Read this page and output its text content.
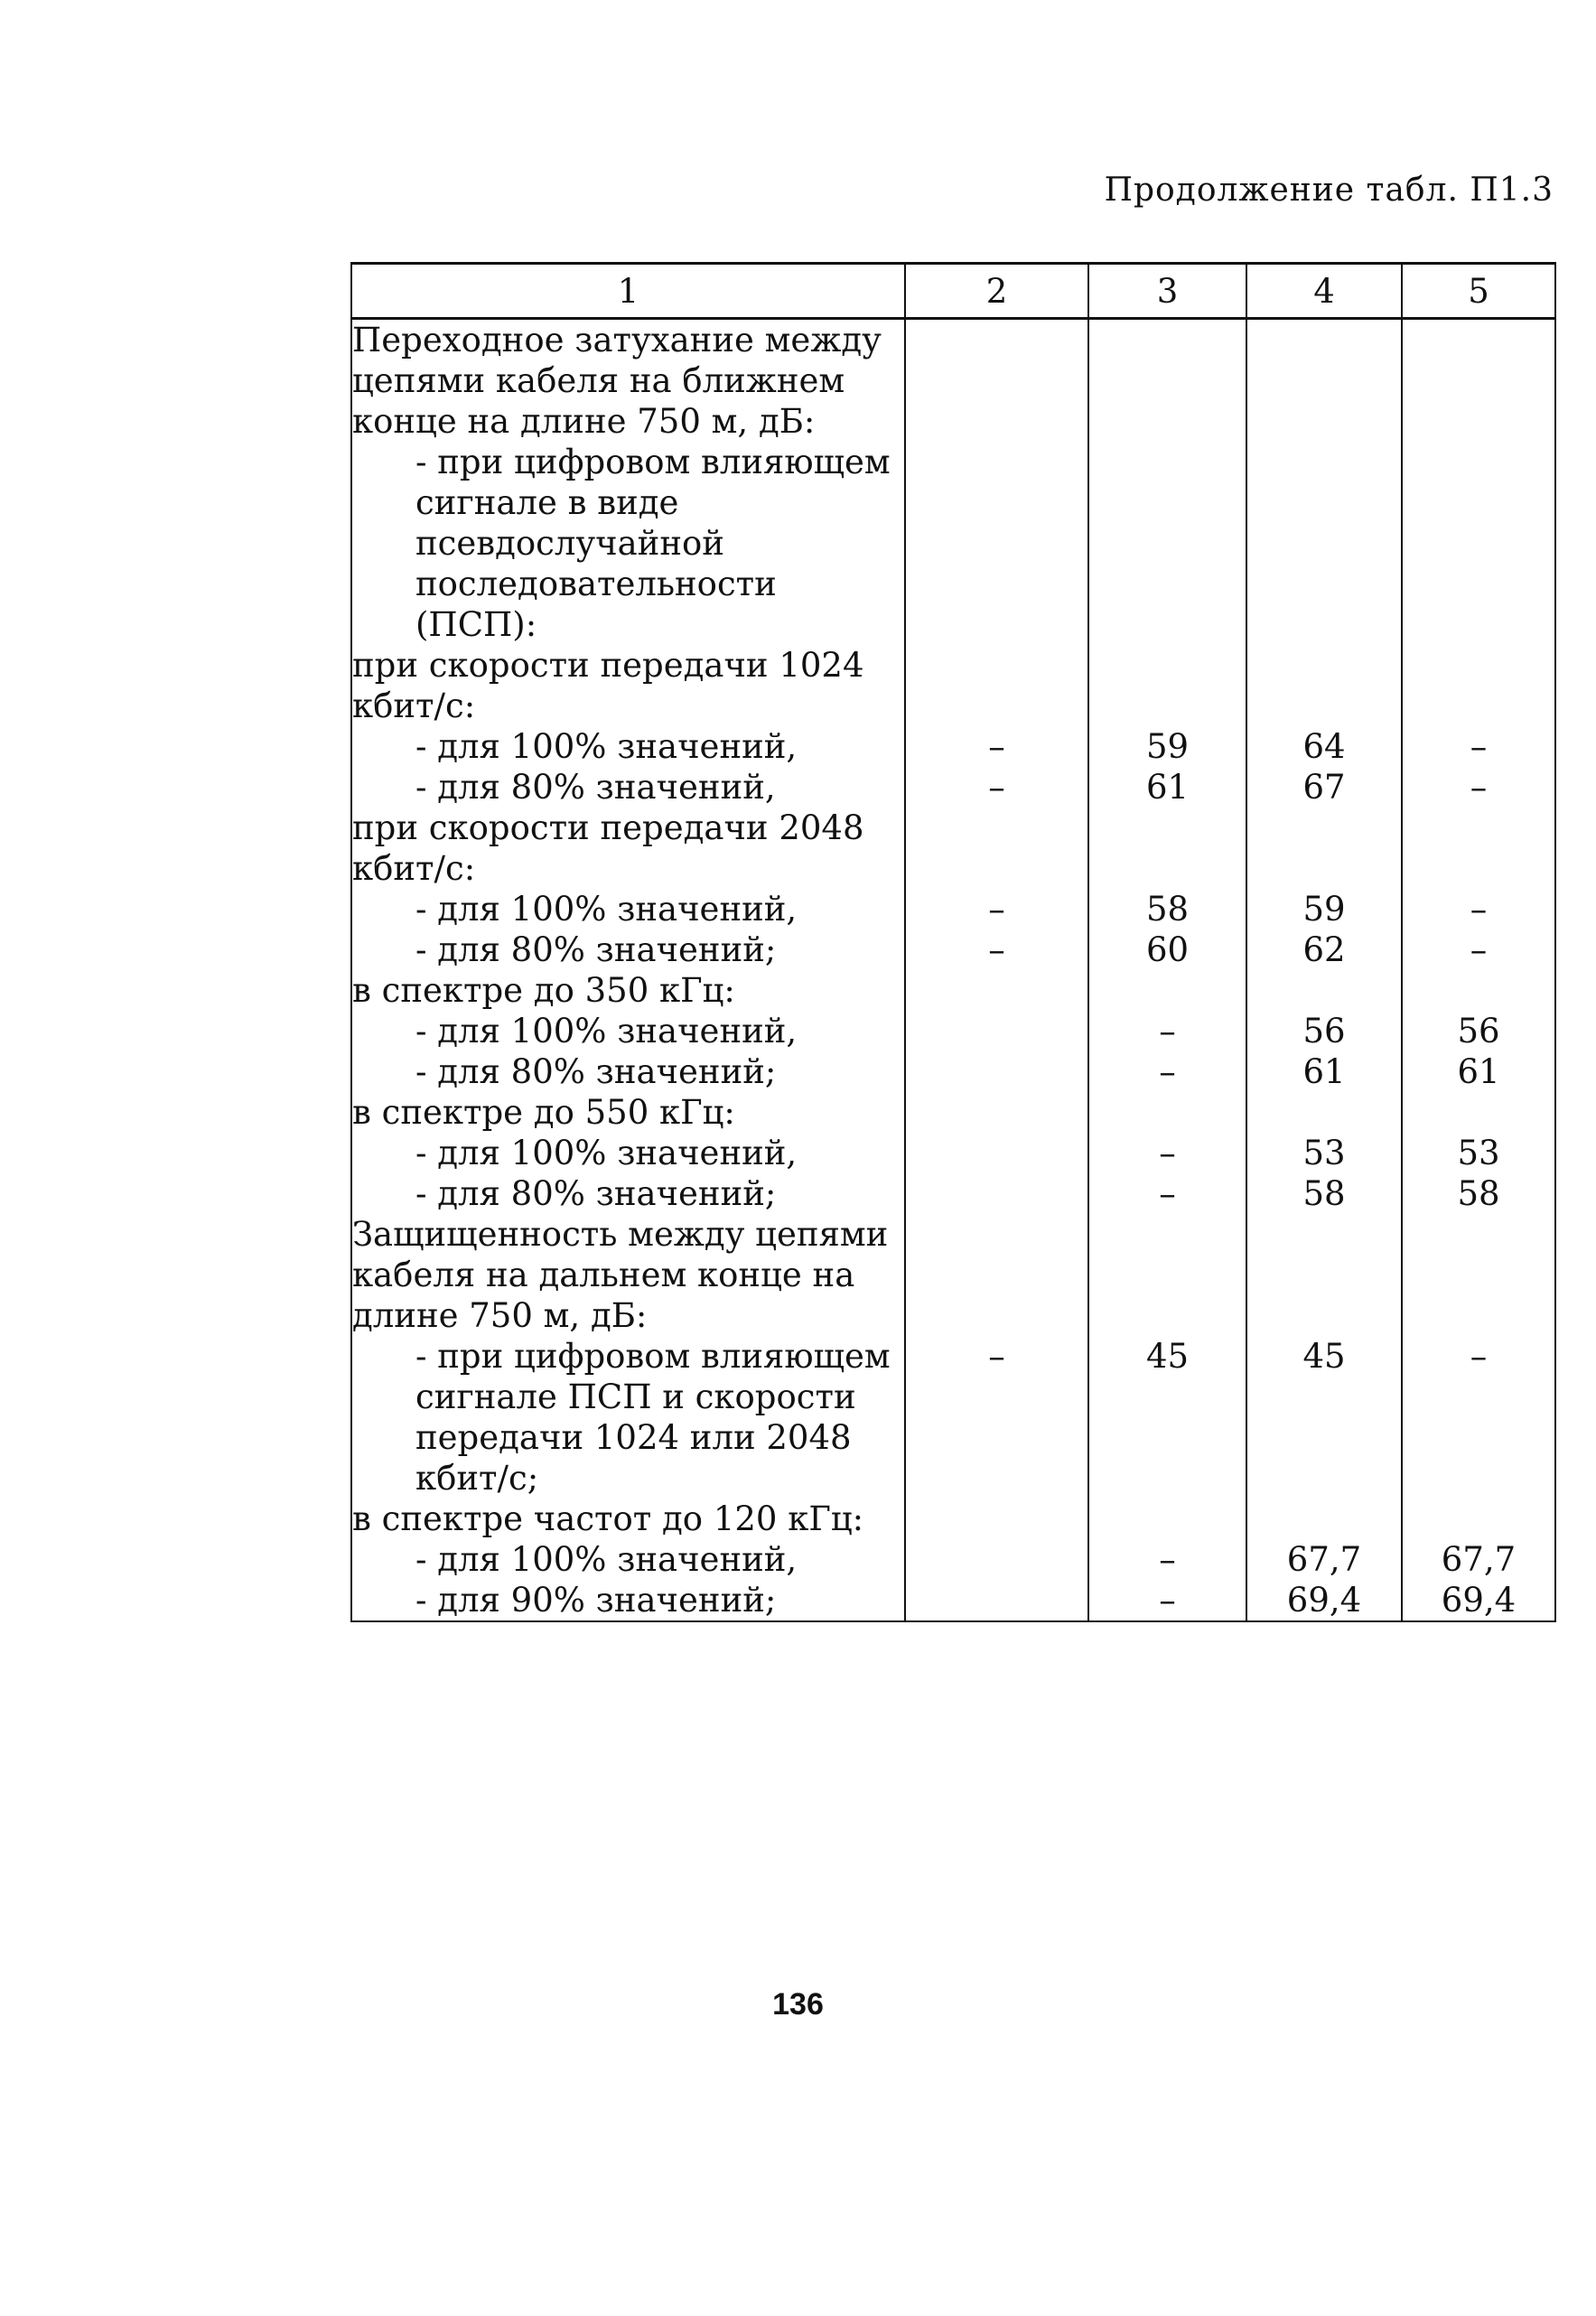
Продолжение табл. П1.3
1	2	3	4	5
Переходное затухание между цепями кабеля на ближнем конце на длине 750 м, дБ:				
- при цифровом влияющем сигнале в виде псевдослучайной последовательности (ПСП):				
при скорости передачи 1024 кбит/с:				
- для 100% значений,	–	59	64	–
- для 80% значений,	–	61	67	–
при скорости передачи 2048 кбит/с:				
- для 100% значений,	–	58	59	–
- для 80% значений;	–	60	62	–
в спектре до 350 кГц:				
- для 100% значений,		–	56	56
- для 80% значений;		–	61	61
в спектре до 550 кГц:				
- для 100% значений,		–	53	53
- для 80% значений;		–	58	58
Защищенность между цепями кабеля на дальнем конце на длине 750 м, дБ:				
- при цифровом влияющем сигнале ПСП и скорости передачи 1024 или 2048 кбит/с;	–	45	45	–
в спектре частот до 120 кГц:				
- для 100% значений,		–	67,7	67,7
- для 90% значений;		–	69,4	69,4
136
